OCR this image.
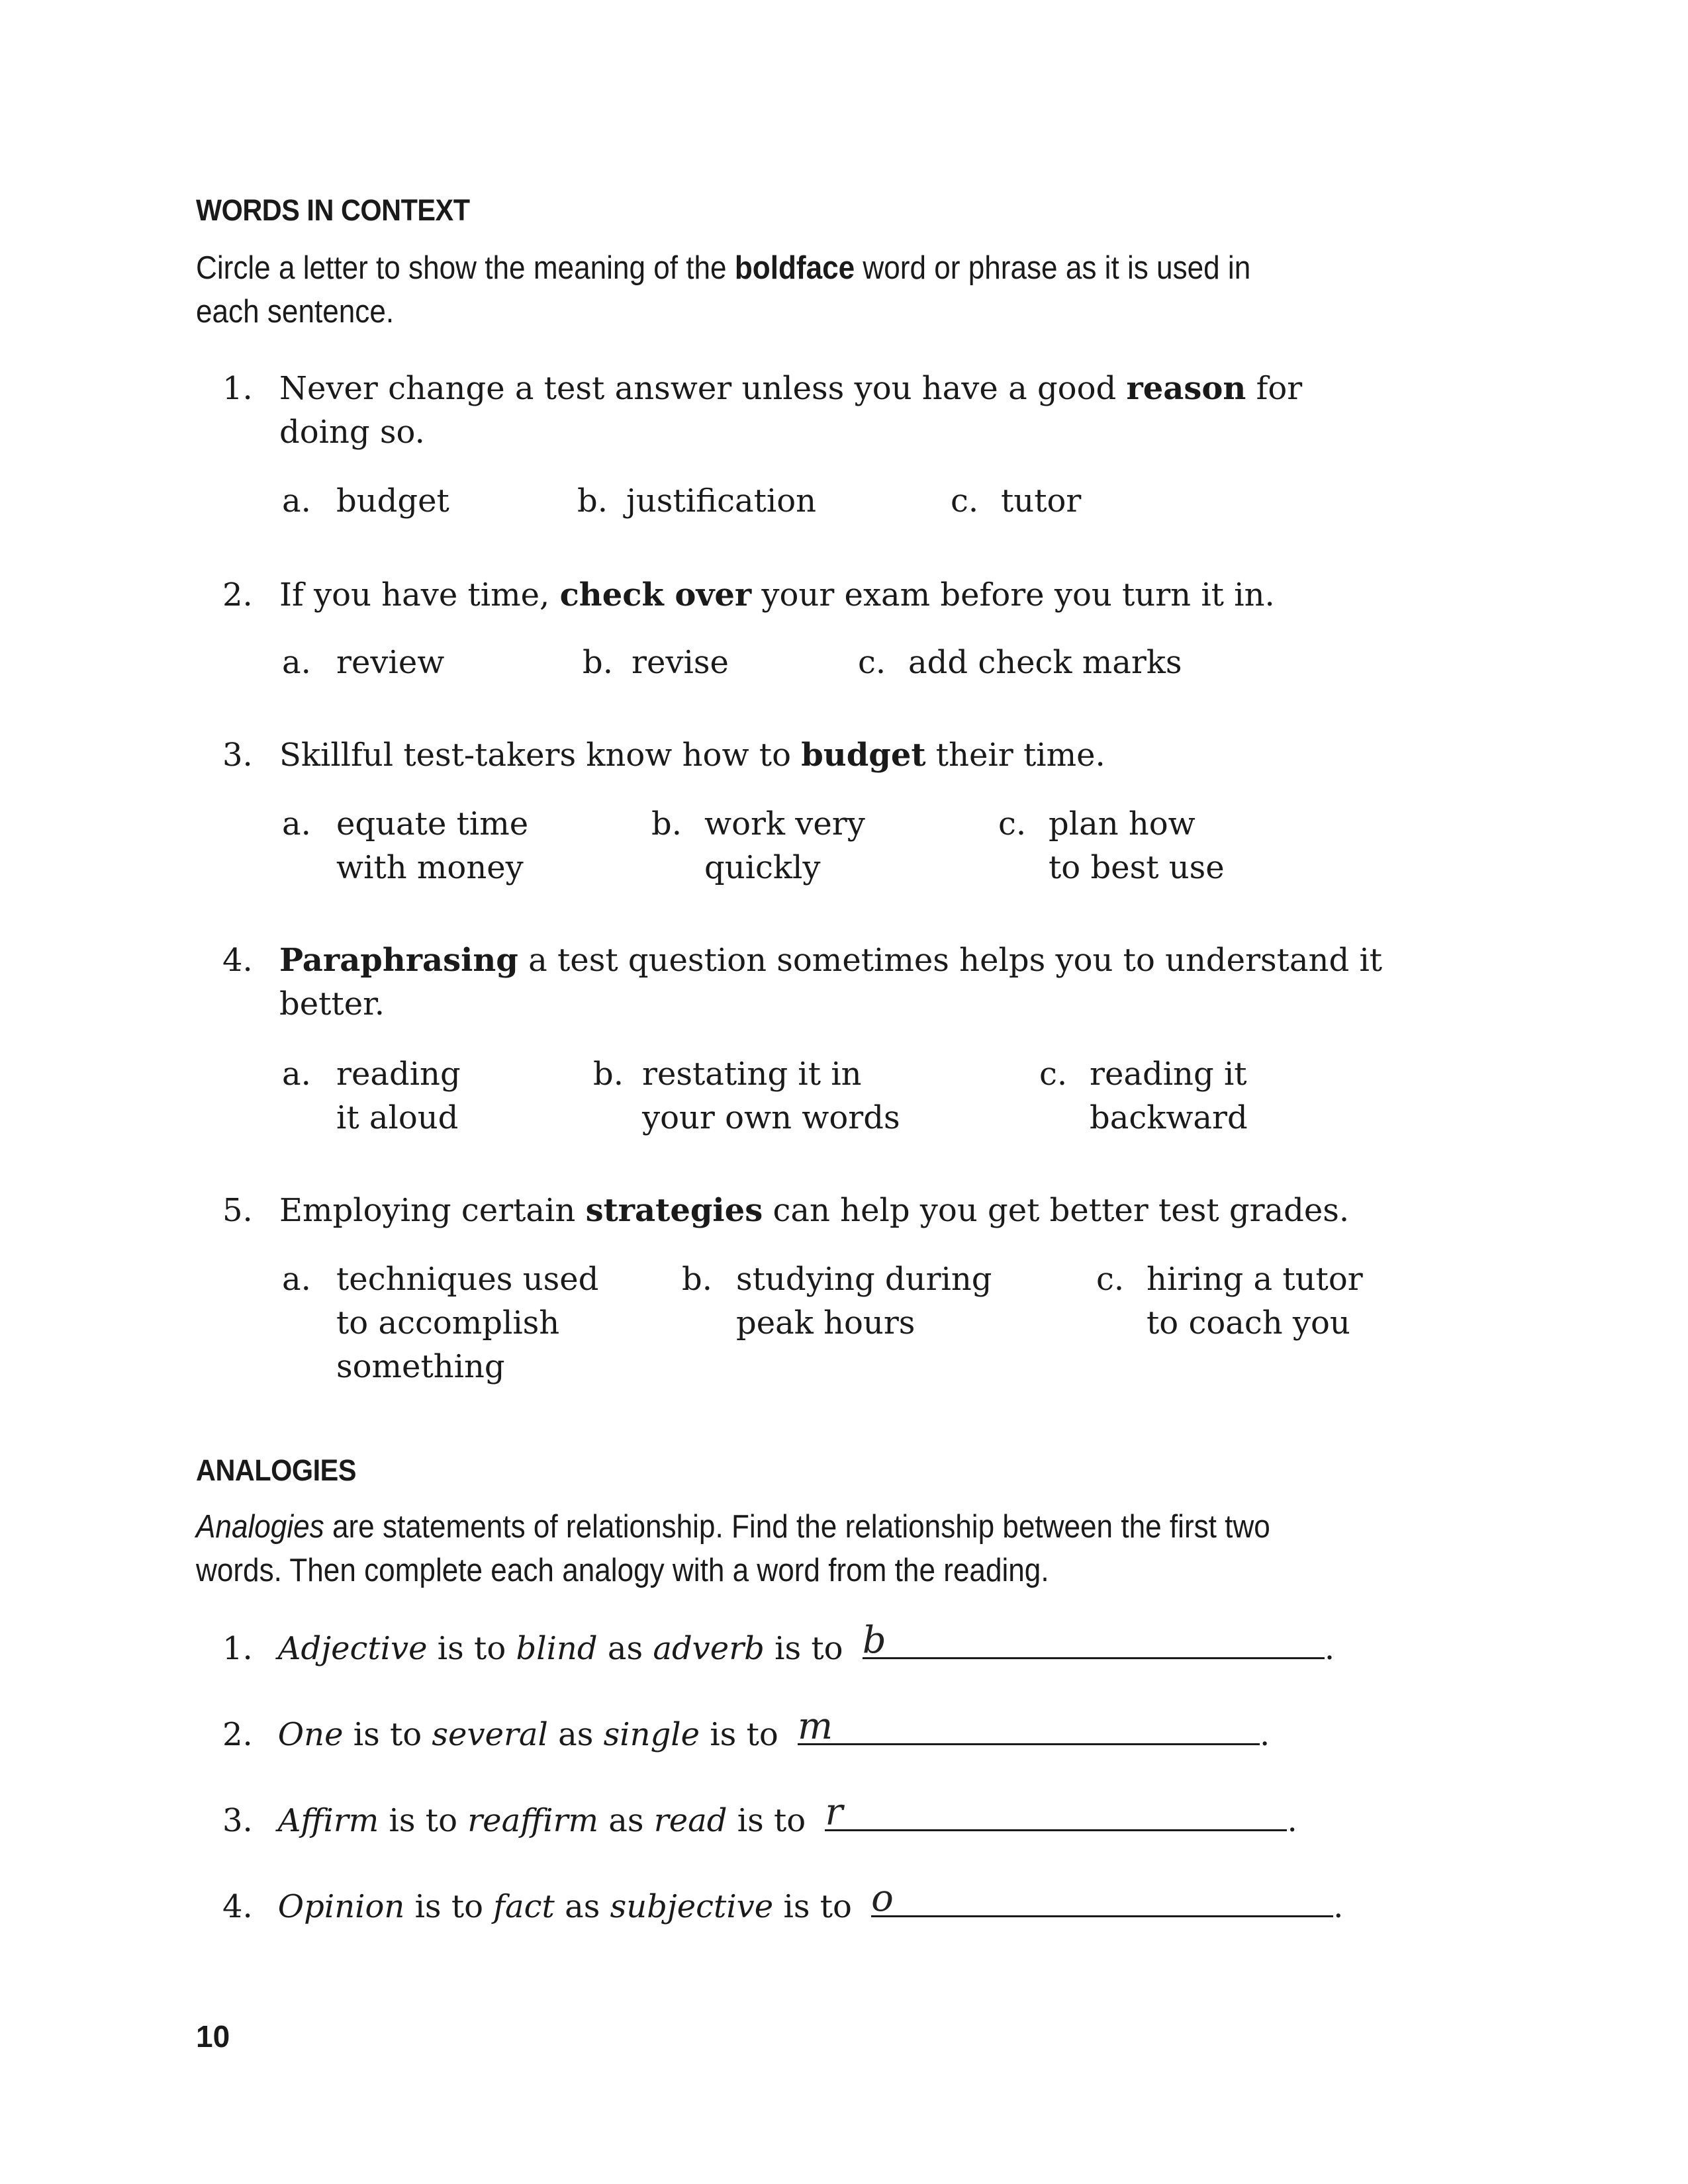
WORDS IN CONTEXT
Circle a letter to show the meaning of the boldface word or phrase as it is used in each sentence.
1. Never change a test answer unless you have a good reason for doing so.
a. budget	b. justification	c. tutor
2. If you have time, check over your exam before you turn it in.
a. review	b. revise	c. add check marks
3. Skillful test-takers know how to budget their time.
a. equate time
with money
b. work very
quickly
c. plan how
to best use
4. Paraphrasing a test question sometimes helps you to understand it better.
a. reading
it aloud
b. restating it in
your own words
c. reading it
backward
5. Employing certain strategies can help you get better test grades.
a. techniques used
to accomplish
something
b. studying during
peak hours
c. hiring a tutor
to coach you
ANALOGIES
Analogies are statements of relationship. Find the relationship between the first two words. Then complete each analogy with a word from the reading.
1. Adjective is to blind as adverb is to b	.
2. One is to several as single is to m	.
3. Affirm is to reaffirm as read is to r	.
4. Opinion is to fact as subjective is to o	.
10
